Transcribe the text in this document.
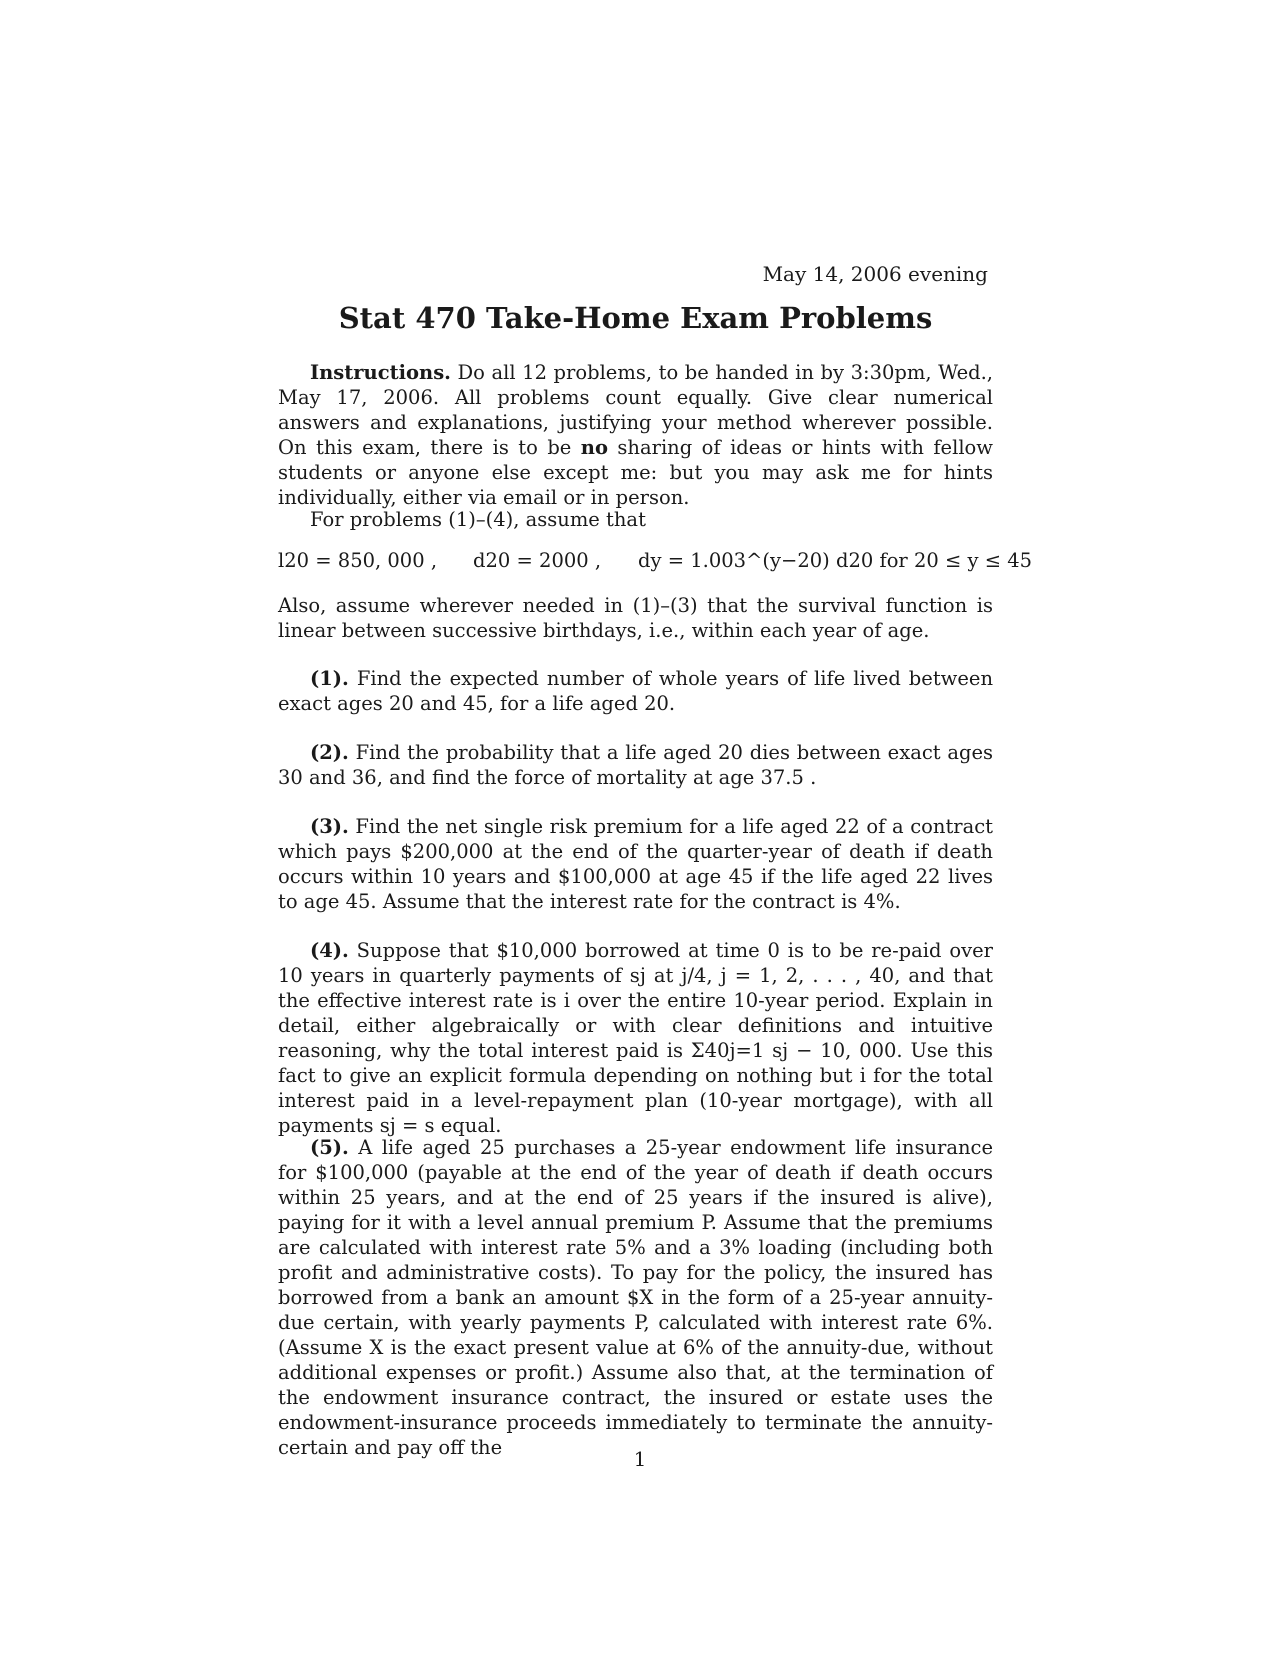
May 14, 2006 evening
Stat 470 Take-Home Exam Problems

Instructions. Do all 12 problems, to be handed in by 3:30pm, Wed., May 17, 2006. All problems count equally. Give clear numerical answers and explanations, justifying your method wherever possible. On this exam, there is to be no sharing of ideas or hints with fellow students or anyone else except me: but you may ask me for hints individually, either via email or in person.

For problems (1)–(4), assume that

l20 = 850, 000 , d20 = 2000 , dy = 1.003^(y−20) d20 for 20 ≤ y ≤ 45

Also, assume wherever needed in (1)–(3) that the survival function is linear between successive birthdays, i.e., within each year of age.

(1). Find the expected number of whole years of life lived between exact ages 20 and 45, for a life aged 20.

(2). Find the probability that a life aged 20 dies between exact ages 30 and 36, and find the force of mortality at age 37.5 .

(3). Find the net single risk premium for a life aged 22 of a contract which pays $200,000 at the end of the quarter-year of death if death occurs within 10 years and $100,000 at age 45 if the life aged 22 lives to age 45. Assume that the interest rate for the contract is 4%.

(4). Suppose that $10,000 borrowed at time 0 is to be re-paid over 10 years in quarterly payments of sj at j/4, j = 1, 2, . . . , 40, and that the effective interest rate is i over the entire 10-year period. Explain in detail, either algebraically or with clear definitions and intuitive reasoning, why the total interest paid is Σ40j=1 sj − 10, 000. Use this fact to give an explicit formula depending on nothing but i for the total interest paid in a level-repayment plan (10-year mortgage), with all payments sj = s equal.

(5). A life aged 25 purchases a 25-year endowment life insurance for $100,000 (payable at the end of the year of death if death occurs within 25 years, and at the end of 25 years if the insured is alive), paying for it with a level annual premium P. Assume that the premiums are calculated with interest rate 5% and a 3% loading (including both profit and administrative costs). To pay for the policy, the insured has borrowed from a bank an amount $X in the form of a 25-year annuity-due certain, with yearly payments P, calculated with interest rate 6%. (Assume X is the exact present value at 6% of the annuity-due, without additional expenses or profit.) Assume also that, at the termination of the endowment insurance contract, the insured or estate uses the endowment-insurance proceeds immediately to terminate the annuity-certain and pay off the	1
